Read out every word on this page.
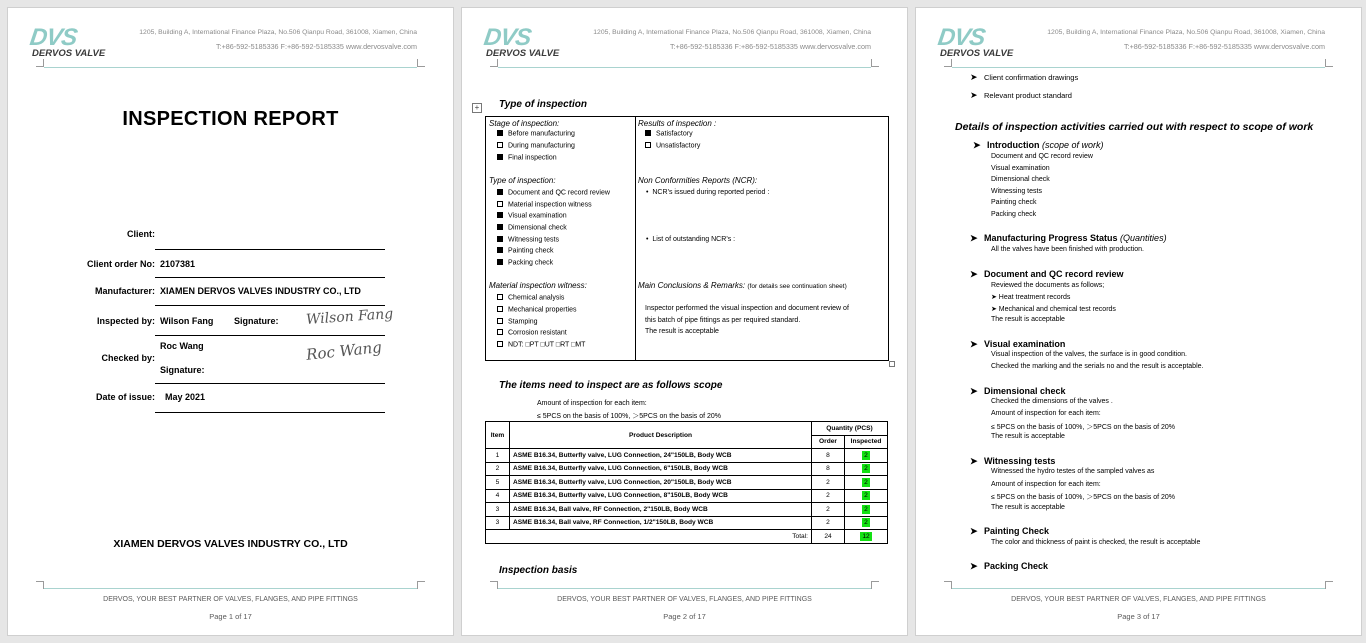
DVS
DERVOS VALVE
1205, Building A, International Finance Plaza, No.506 Qianpu Road, 361008, Xiamen, China
T:+86-592-5185336 F:+86-592-5185335 www.dervosvalve.com
INSPECTION REPORT
Client:
Client order No: 2107381
Manufacturer: XIAMEN DERVOS VALVES INDUSTRY CO., LTD
Inspected by: Wilson Fang Signature: Wilson Fang
Roc Wang
Checked by:
Signature:
Roc Wang
Date of issue: May 2021
XIAMEN DERVOS VALVES INDUSTRY CO., LTD
DERVOS, YOUR BEST PARTNER OF VALVES, FLANGES, AND PIPE FITTINGS
Page 1 of 17
DVS
DERVOS VALVE
1205, Building A, International Finance Plaza, No.506 Qianpu Road, 361008, Xiamen, China
T:+86-592-5185336 F:+86-592-5185335 www.dervosvalve.com
+ Type of inspection
Stage of inspection:
Before manufacturing
During manufacturing
Final inspection
Type of inspection:
Document and QC record review
Material inspection witness
Visual examination
Dimensional check
Witnessing tests
Painting check
Packing check
Material inspection witness:
Chemical analysis
Mechanical properties
Stamping
Corrosion resistant
NDT: □PT □UT □RT □MT
Results of inspection :
Satisfactory
Unsatisfactory
Non Conformities Reports (NCR):
•  NCR’s issued during reported period :
•  List of outstanding NCR’s :
Main Conclusions & Remarks: (for details see continuation sheet)
Inspector performed the visual inspection and document review of
this batch of pipe fittings as per required standard.
The result is acceptable
The items need to inspect are as follows scope
Amount of inspection for each item:
≤ 5PCS on the basis of 100%, ＞5PCS on the basis of 20%
Item	Product Description	Quantity (PCS)	
		Order	Inspected
1	ASME B16.34, Butterfly valve, LUG Connection, 24"150LB, Body WCB	8	2
2	ASME B16.34, Butterfly valve, LUG Connection, 6"150LB, Body WCB	8	2
5	ASME B16.34, Butterfly valve, LUG Connection, 20"150LB, Body WCB	2	2
4	ASME B16.34, Butterfly valve, LUG Connection, 8"150LB, Body WCB	2	2
3	ASME B16.34, Ball valve, RF Connection, 2"150LB, Body WCB	2	2
3	ASME B16.34, Ball valve, RF Connection, 1/2"150LB, Body WCB	2	2
Total:		24	12
Inspection basis
DERVOS, YOUR BEST PARTNER OF VALVES, FLANGES, AND PIPE FITTINGS
Page 2 of 17
DVS
DERVOS VALVE
1205, Building A, International Finance Plaza, No.506 Qianpu Road, 361008, Xiamen, China
T:+86-592-5185336 F:+86-592-5185335 www.dervosvalve.com
➤ Client confirmation drawings
➤ Relevant product standard
Details of inspection activities carried out with respect to scope of work
➤ Introduction (scope of work)
Document and QC record review
Visual examination
Dimensional check
Witnessing tests
Painting check
Packing check
➤ Manufacturing Progress Status (Quantities)
All the valves have been finished with production.
➤ Document and QC record review
Reviewed the documents as follows;
➤ Heat treatment records
➤ Mechanical and chemical test records
The result is acceptable
➤ Visual examination
Visual inspection of the valves, the surface is in good condition.
Checked the marking and the serials no and the result is acceptable.
➤ Dimensional check
Checked the dimensions of the valves .
Amount of inspection for each item:
≤ 5PCS on the basis of 100%, ＞5PCS on the basis of 20%
The result is acceptable
➤ Witnessing tests
Witnessed the hydro testes of the sampled valves as
Amount of inspection for each item:
≤ 5PCS on the basis of 100%, ＞5PCS on the basis of 20%
The result is acceptable
➤ Painting Check
The color and thickness of paint is checked, the result is acceptable
➤ Packing Check
DERVOS, YOUR BEST PARTNER OF VALVES, FLANGES, AND PIPE FITTINGS
Page 3 of 17
